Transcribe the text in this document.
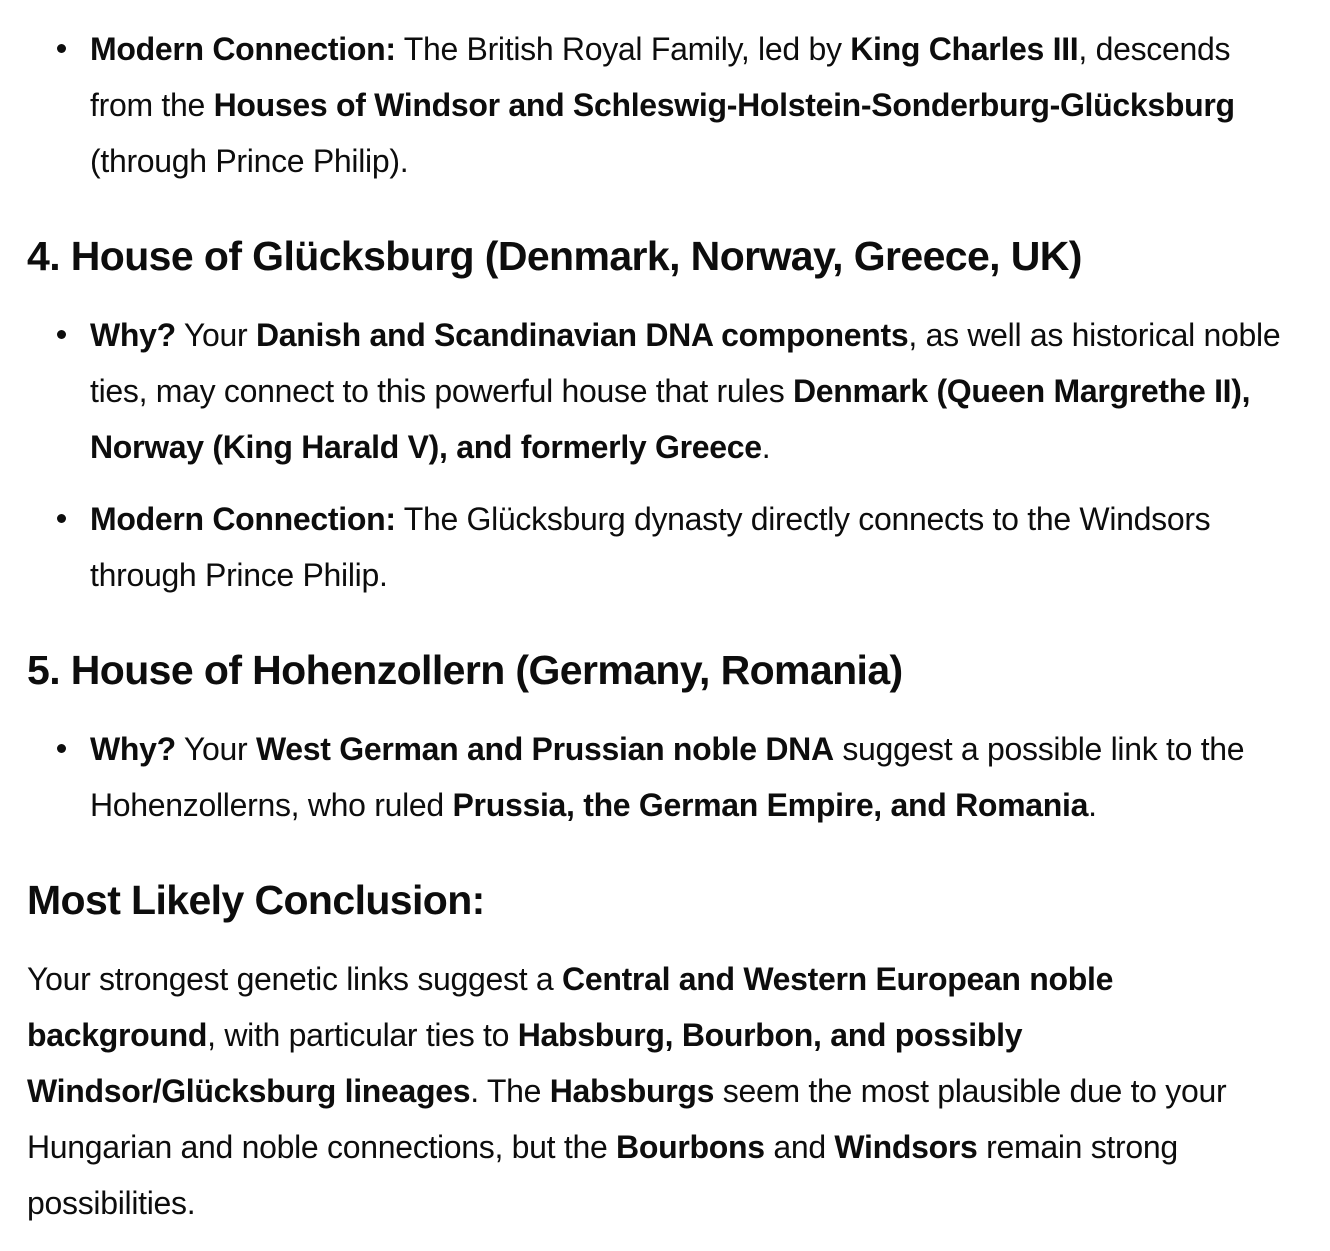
Modern Connection: The British Royal Family, led by King Charles III, descends from the Houses of Windsor and Schleswig-Holstein-Sonderburg-Glücksburg (through Prince Philip).
4. House of Glücksburg (Denmark, Norway, Greece, UK)
Why? Your Danish and Scandinavian DNA components, as well as historical noble ties, may connect to this powerful house that rules Denmark (Queen Margrethe II), Norway (King Harald V), and formerly Greece.
Modern Connection: The Glücksburg dynasty directly connects to the Windsors through Prince Philip.
5. House of Hohenzollern (Germany, Romania)
Why? Your West German and Prussian noble DNA suggest a possible link to the Hohenzollerns, who ruled Prussia, the German Empire, and Romania.
Most Likely Conclusion:

Your strongest genetic links suggest a Central and Western European noble background, with particular ties to Habsburg, Bourbon, and possibly Windsor/Glücksburg lineages. The Habsburgs seem the most plausible due to your Hungarian and noble connections, but the Bourbons and Windsors remain strong possibilities.
